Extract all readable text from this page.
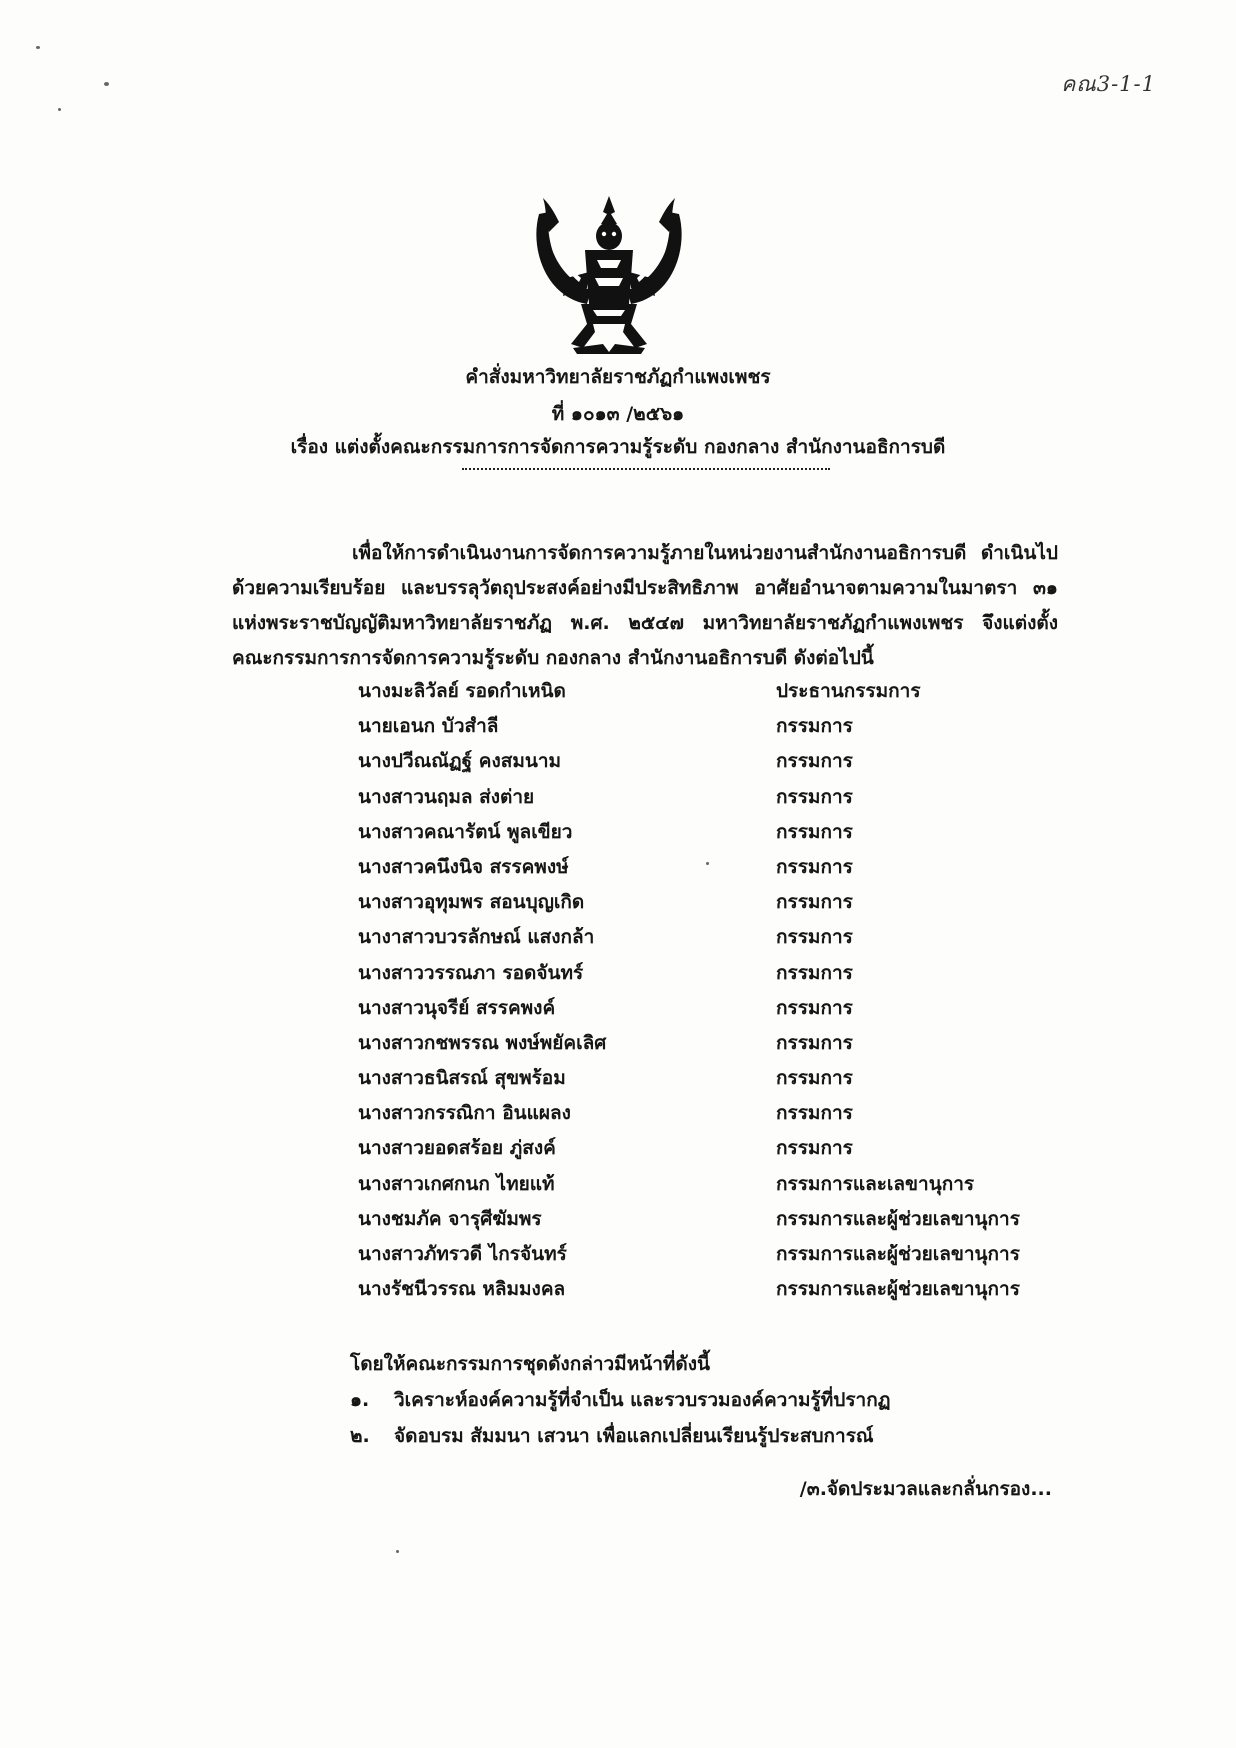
คณ3-1-1
คำสั่งมหาวิทยาลัยราชภัฏกำแพงเพชร
ที่ ๑๐๑๓ /๒๕๖๑
เรื่อง แต่งตั้งคณะกรรมการการจัดการความรู้ระดับ กองกลาง สำนักงานอธิการบดี

เพื่อให้การดำเนินงานการจัดการความรู้ภายในหน่วยงานสำนักงานอธิการบดี ดำเนินไป

ด้วยความเรียบร้อย และบรรลุวัตถุประสงค์อย่างมีประสิทธิภาพ อาศัยอำนาจตามความในมาตรา ๓๑

แห่งพระราชบัญญัติมหาวิทยาลัยราชภัฏ พ.ศ. ๒๕๔๗ มหาวิทยาลัยราชภัฏกำแพงเพชร จึงแต่งตั้ง

คณะกรรมการการจัดการความรู้ระดับ กองกลาง สำนักงานอธิการบดี ดังต่อไปนี้

นางมะลิวัลย์ รอดกำเหนิด	ประธานกรรมการ
นายเอนก บัวสำลี	กรรมการ
นางปวีณณัฏฐ์ คงสมนาม	กรรมการ
นางสาวนฤมล ส่งต่าย	กรรมการ
นางสาวคณารัตน์ พูลเขียว	กรรมการ
นางสาวคนึงนิจ สรรคพงษ์	กรรมการ
นางสาวอุทุมพร สอนบุญเกิด	กรรมการ
นางาสาวบวรลักษณ์ แสงกล้า	กรรมการ
นางสาววรรณภา รอดจันทร์	กรรมการ
นางสาวนุจรีย์ สรรคพงค์	กรรมการ
นางสาวกชพรรณ พงษ์พยัคเลิศ	กรรมการ
นางสาวธนิสรณ์ สุขพร้อม	กรรมการ
นางสาวกรรณิกา อินแผลง	กรรมการ
นางสาวยอดสร้อย ภู่สงค์	กรรมการ
นางสาวเกศกนก ไทยแท้	กรรมการและเลขานุการ
นางชมภัค จารุศีฆัมพร	กรรมการและผู้ช่วยเลขานุการ
นางสาวภัทรวดี ไกรจันทร์	กรรมการและผู้ช่วยเลขานุการ
นางรัชนีวรรณ หลิมมงคล	กรรมการและผู้ช่วยเลขานุการ
โดยให้คณะกรรมการชุดดังกล่าวมีหน้าที่ดังนี้
๑. วิเคราะห์องค์ความรู้ที่จำเป็น และรวบรวมองค์ความรู้ที่ปรากฏ
๒. จัดอบรม สัมมนา เสวนา เพื่อแลกเปลี่ยนเรียนรู้ประสบการณ์
/๓.จัดประมวลและกลั่นกรอง...
